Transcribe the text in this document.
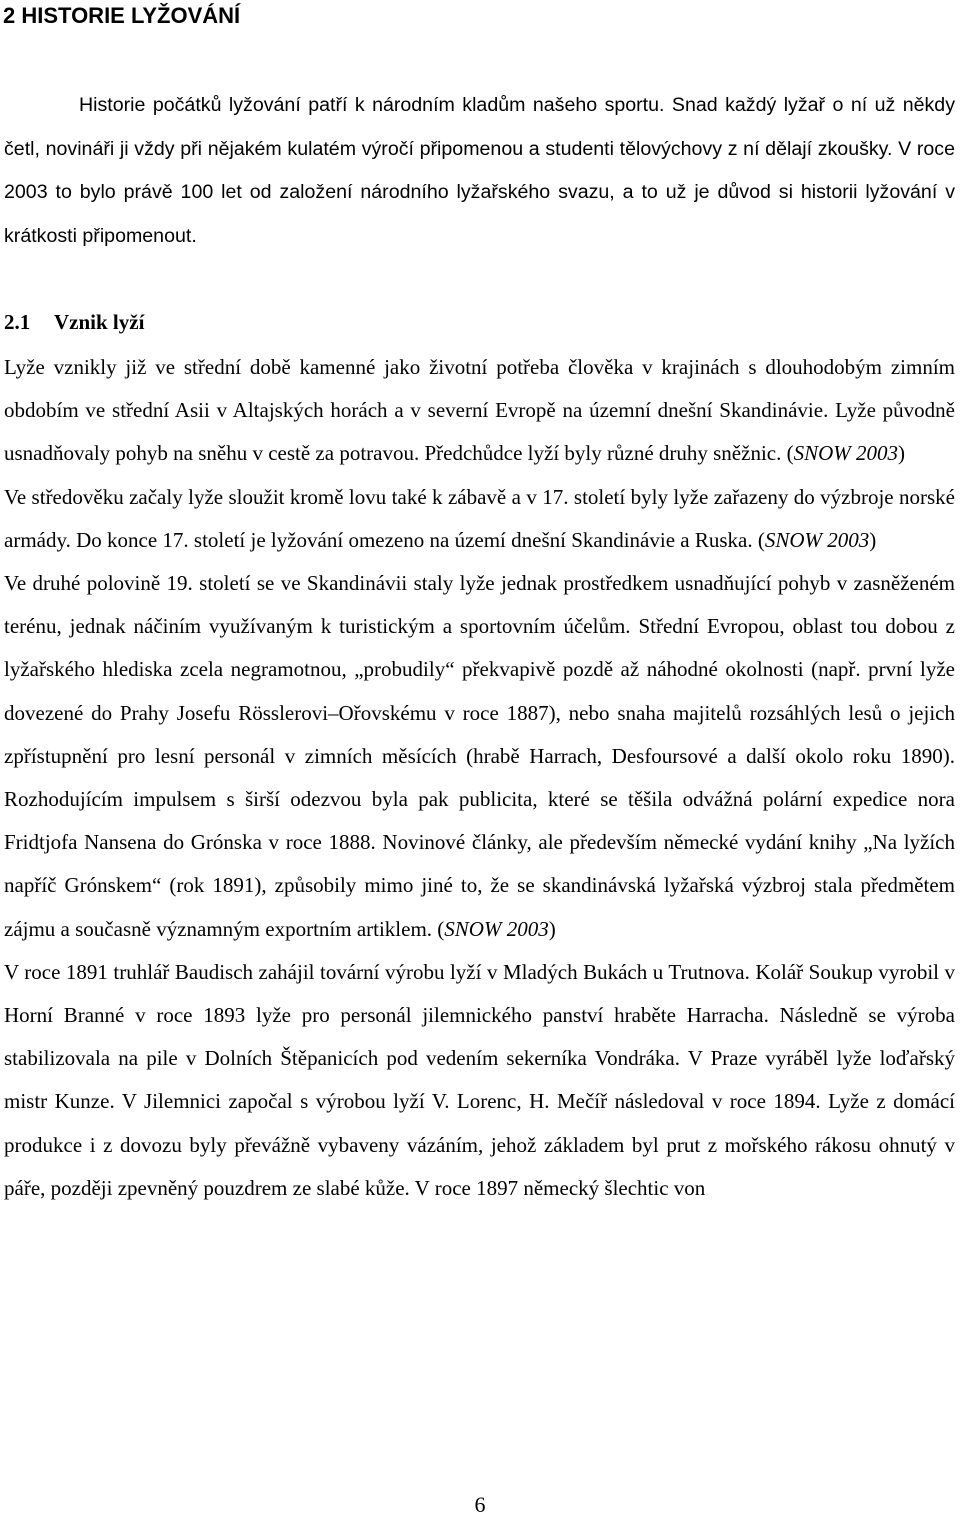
2 HISTORIE LYŽOVÁNÍ

Historie počátků lyžování patří k národním kladům našeho sportu. Snad každý lyžař o ní už někdy četl, novináři ji vždy při nějakém kulatém výročí připomenou a studenti tělovýchovy z ní dělají zkoušky. V roce 2003 to bylo právě 100 let od založení národního lyžařského svazu, a to už je důvod si historii lyžování v krátkosti připomenout.

2.1 Vznik lyží
Lyže vznikly již ve střední době kamenné jako životní potřeba člověka v krajinách s dlouhodobým zimním obdobím ve střední Asii v Altajských horách a v severní Evropě na územní dnešní Skandinávie. Lyže původně usnadňovaly pohyb na sněhu v cestě za potravou. Předchůdce lyží byly různé druhy sněžnic. (SNOW 2003)
Ve středověku začaly lyže sloužit kromě lovu také k zábavě a v 17. století byly lyže zařazeny do výzbroje norské armády. Do konce 17. století je lyžování omezeno na území dnešní Skandinávie a Ruska. (SNOW 2003)
Ve druhé polovině 19. století se ve Skandinávii staly lyže jednak prostředkem usnadňující pohyb v zasněženém terénu, jednak náčiním využívaným k turistickým a sportovním účelům. Střední Evropou, oblast tou dobou z lyžařského hlediska zcela negramotnou, „probudily“ překvapivě pozdě až náhodné okolnosti (např. první lyže dovezené do Prahy Josefu Rösslerovi–Ořovskému v roce 1887), nebo snaha majitelů rozsáhlých lesů o jejich zpřístupnění pro lesní personál v zimních měsících (hrabě Harrach, Desfoursové a další okolo roku 1890). Rozhodujícím impulsem s širší odezvou byla pak publicita, které se těšila odvážná polární expedice nora Fridtjofa Nansena do Grónska v roce 1888. Novinové články, ale především německé vydání knihy „Na lyžích napříč Grónskem“ (rok 1891), způsobily mimo jiné to, že se skandinávská lyžařská výzbroj stala předmětem zájmu a současně významným exportním artiklem. (SNOW 2003)
V roce 1891 truhlář Baudisch zahájil tovární výrobu lyží v Mladých Bukách u Trutnova. Kolář Soukup vyrobil v Horní Branné v roce 1893 lyže pro personál jilemnického panství hraběte Harracha. Následně se výroba stabilizovala na pile v Dolních Štěpanicích pod vedením sekerníka Vondráka. V Praze vyráběl lyže loďařský mistr Kunze. V Jilemnici započal s výrobou lyží V. Lorenc, H. Mečíř následoval v roce 1894. Lyže z domácí produkce i z dovozu byly převážně vybaveny vázáním, jehož základem byl prut z mořského rákosu ohnutý v páře, později zpevněný pouzdrem ze slabé kůže. V roce 1897 německý šlechtic von

6
